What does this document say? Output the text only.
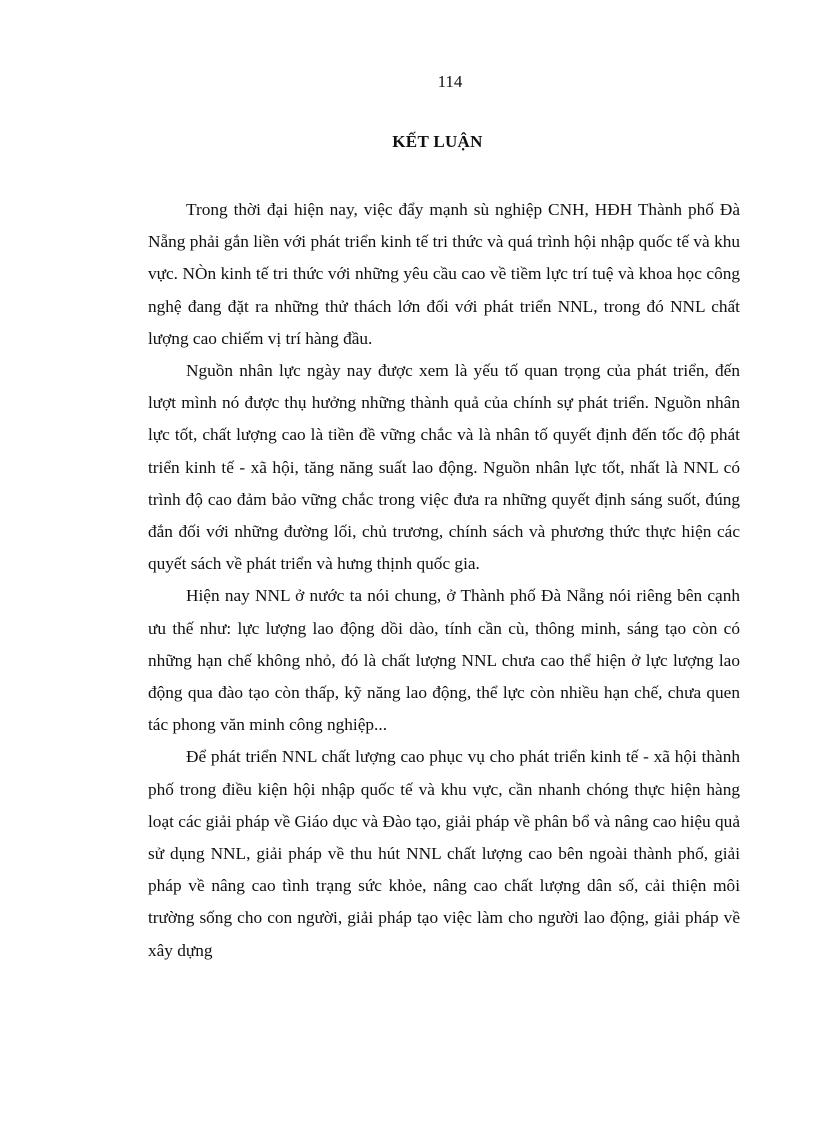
114
KẾT LUẬN

Trong thời đại hiện nay, việc đẩy mạnh sù nghiệp CNH, HĐH Thành phố Đà Nẵng phải gắn liền với phát triển kinh tế tri thức và quá trình hội nhập quốc tế và khu vực. NÒn kinh tế tri thức với những yêu cầu cao về tiềm lực trí tuệ và khoa học công nghệ đang đặt ra những thử thách lớn đối với phát triển NNL, trong đó NNL chất lượng cao chiếm vị trí hàng đầu.

Nguồn nhân lực ngày nay được xem là yếu tố quan trọng của phát triển, đến lượt mình nó được thụ hưởng những thành quả của chính sự phát triển. Nguồn nhân lực tốt, chất lượng cao là tiền đề vững chắc và là nhân tố quyết định đến tốc độ phát triển kinh tế - xã hội, tăng năng suất lao động. Nguồn nhân lực tốt, nhất là NNL có trình độ cao đảm bảo vững chắc trong việc đưa ra những quyết định sáng suốt, đúng đắn đối với những đường lối, chủ trương, chính sách và phương thức thực hiện các quyết sách về phát triển và hưng thịnh quốc gia.

Hiện nay NNL ở nước ta nói chung, ở Thành phố Đà Nẵng nói riêng bên cạnh ưu thế như: lực lượng lao động dồi dào, tính cần cù, thông minh, sáng tạo còn có những hạn chế không nhỏ, đó là chất lượng NNL chưa cao thể hiện ở lực lượng lao động qua đào tạo còn thấp, kỹ năng lao động, thể lực còn nhiều hạn chế, chưa quen tác phong văn minh công nghiệp...

Để phát triển NNL chất lượng cao phục vụ cho phát triển kinh tế - xã hội thành phố trong điều kiện hội nhập quốc tế và khu vực, cần nhanh chóng thực hiện hàng loạt các giải pháp về Giáo dục và Đào tạo, giải pháp về phân bổ và nâng cao hiệu quả sử dụng NNL, giải pháp về thu hút NNL chất lượng cao bên ngoài thành phố, giải pháp về nâng cao tình trạng sức khỏe, nâng cao chất lượng dân số, cải thiện môi trường sống cho con người, giải pháp tạo việc làm cho người lao động, giải pháp về xây dựng
